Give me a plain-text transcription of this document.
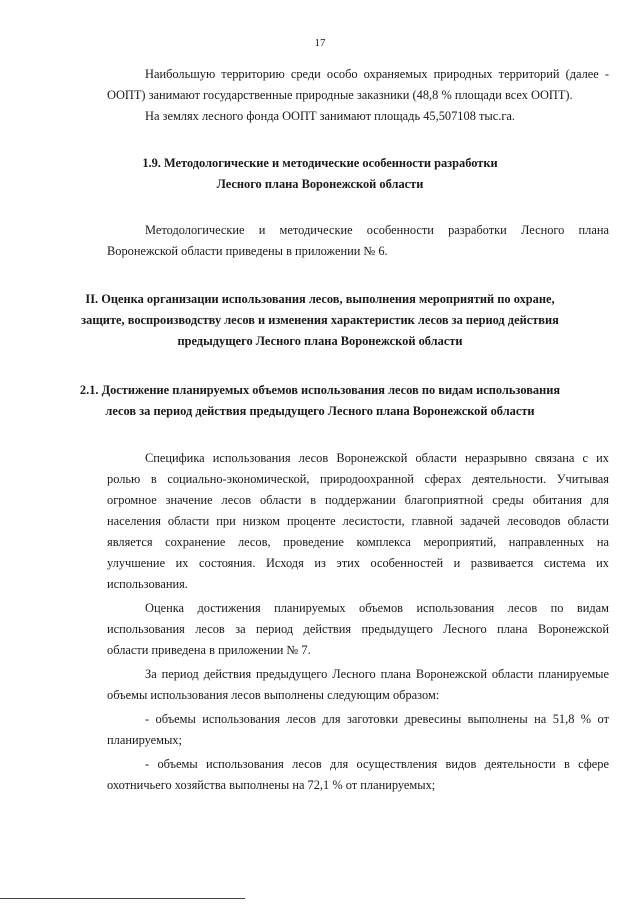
17
Наибольшую территорию среди особо охраняемых природных территорий (далее -
ООПТ) занимают государственные природные заказники (48,8 % площади всех ООПТ).
На землях лесного фонда ООПТ занимают площадь 45,507108 тыс.га.
1.9. Методологические и методические особенности разработки
Лесного плана Воронежской области
Методологические и методические особенности разработки Лесного плана
Воронежской области приведены в приложении № 6.
II. Оценка организации использования лесов, выполнения мероприятий по охране,
защите, воспроизводству лесов и изменения характеристик лесов за период действия
предыдущего Лесного плана Воронежской области
2.1. Достижение планируемых объемов использования лесов по видам использования
лесов за период действия предыдущего Лесного плана Воронежской области
Специфика использования лесов Воронежской области неразрывно связана с их
ролью в социально-экономической, природоохранной сферах деятельности. Учитывая
огромное значение лесов области в поддержании благоприятной среды обитания для
населения области при низком проценте лесистости, главной задачей лесоводов области
является сохранение лесов, проведение комплекса мероприятий, направленных на
улучшение их состояния. Исходя из этих особенностей и развивается система их
использования.
Оценка достижения планируемых объемов использования лесов по видам
использования лесов за период действия предыдущего Лесного плана Воронежской
области приведена в приложении № 7.
За период действия предыдущего Лесного плана Воронежской области планируемые
объемы использования лесов выполнены следующим образом:
- объемы использования лесов для заготовки древесины выполнены на 51,8 % от
планируемых;
- объемы использования лесов для осуществления видов деятельности в сфере
охотничьего хозяйства выполнены на 72,1 % от планируемых;
